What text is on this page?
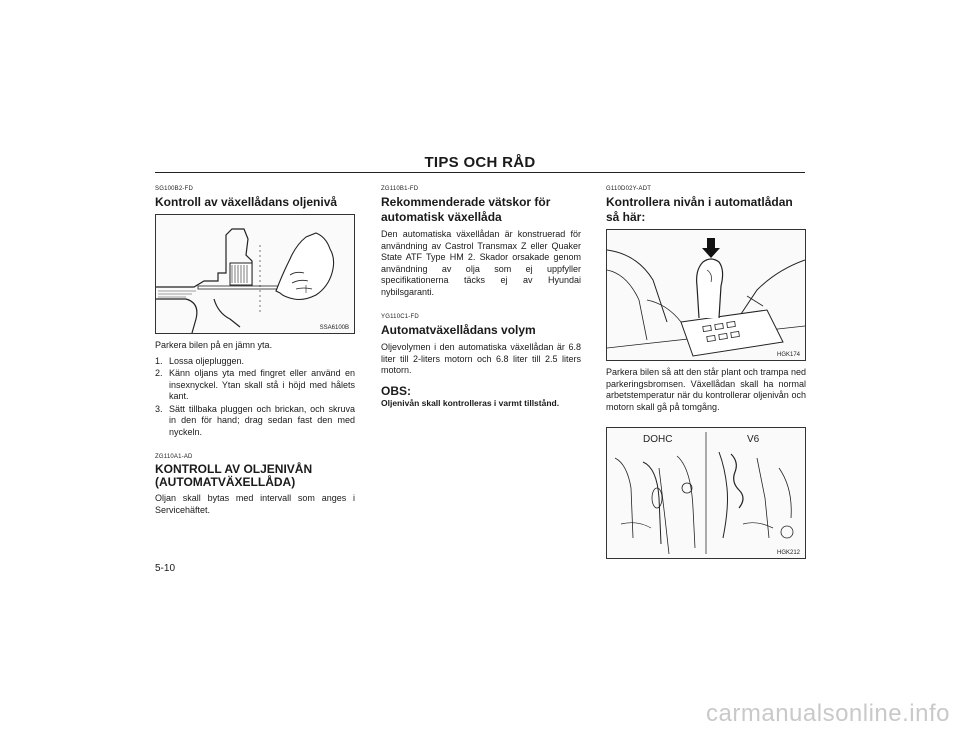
TIPS OCH RÅD
SG100B2-FD
Kontroll av växellådans oljenivå
SSA6100B

Parkera bilen på en jämn yta.

1. Lossa oljepluggen.
2. Känn oljans yta med fingret eller använd en insexnyckel. Ytan skall stå i höjd med hålets kant.
3. Sätt tillbaka pluggen och brickan, och skruva in den för hand; drag sedan fast den med nyckeln.
ZG110A1-AD
KONTROLL AV OLJENIVÅN (AUTOMATVÄXELLÅDA)

Oljan skall bytas med intervall som anges i Servicehäftet.

ZG110B1-FD
Rekommenderade vätskor för automatisk växellåda

Den automatiska växellådan är konstruerad för användning av Castrol Transmax Z eller Quaker State ATF Type HM 2. Skador orsakade genom användning av olja som ej uppfyller specifikationerna täcks ej av Hyundai nybilsgaranti.

YG110C1-FD
Automatväxellådans volym

Oljevolymen i den automatiska växellådan är 6.8 liter till 2-liters motorn och 6.8 liter till 2.5 liters motorn.

OBS:

Oljenivån skall kontrolleras i varmt tillstånd.

G110D02Y-ADT
Kontrollera nivån i automatlådan så här:
HGK174

Parkera bilen så att den står plant och trampa ned parkeringsbromsen. Växellådan skall ha normal arbetstemperatur när du kontrollerar oljenivån och motorn skall gå på tomgång.

DOHC	V6
HGK212
5-10
carmanualsonline.info
